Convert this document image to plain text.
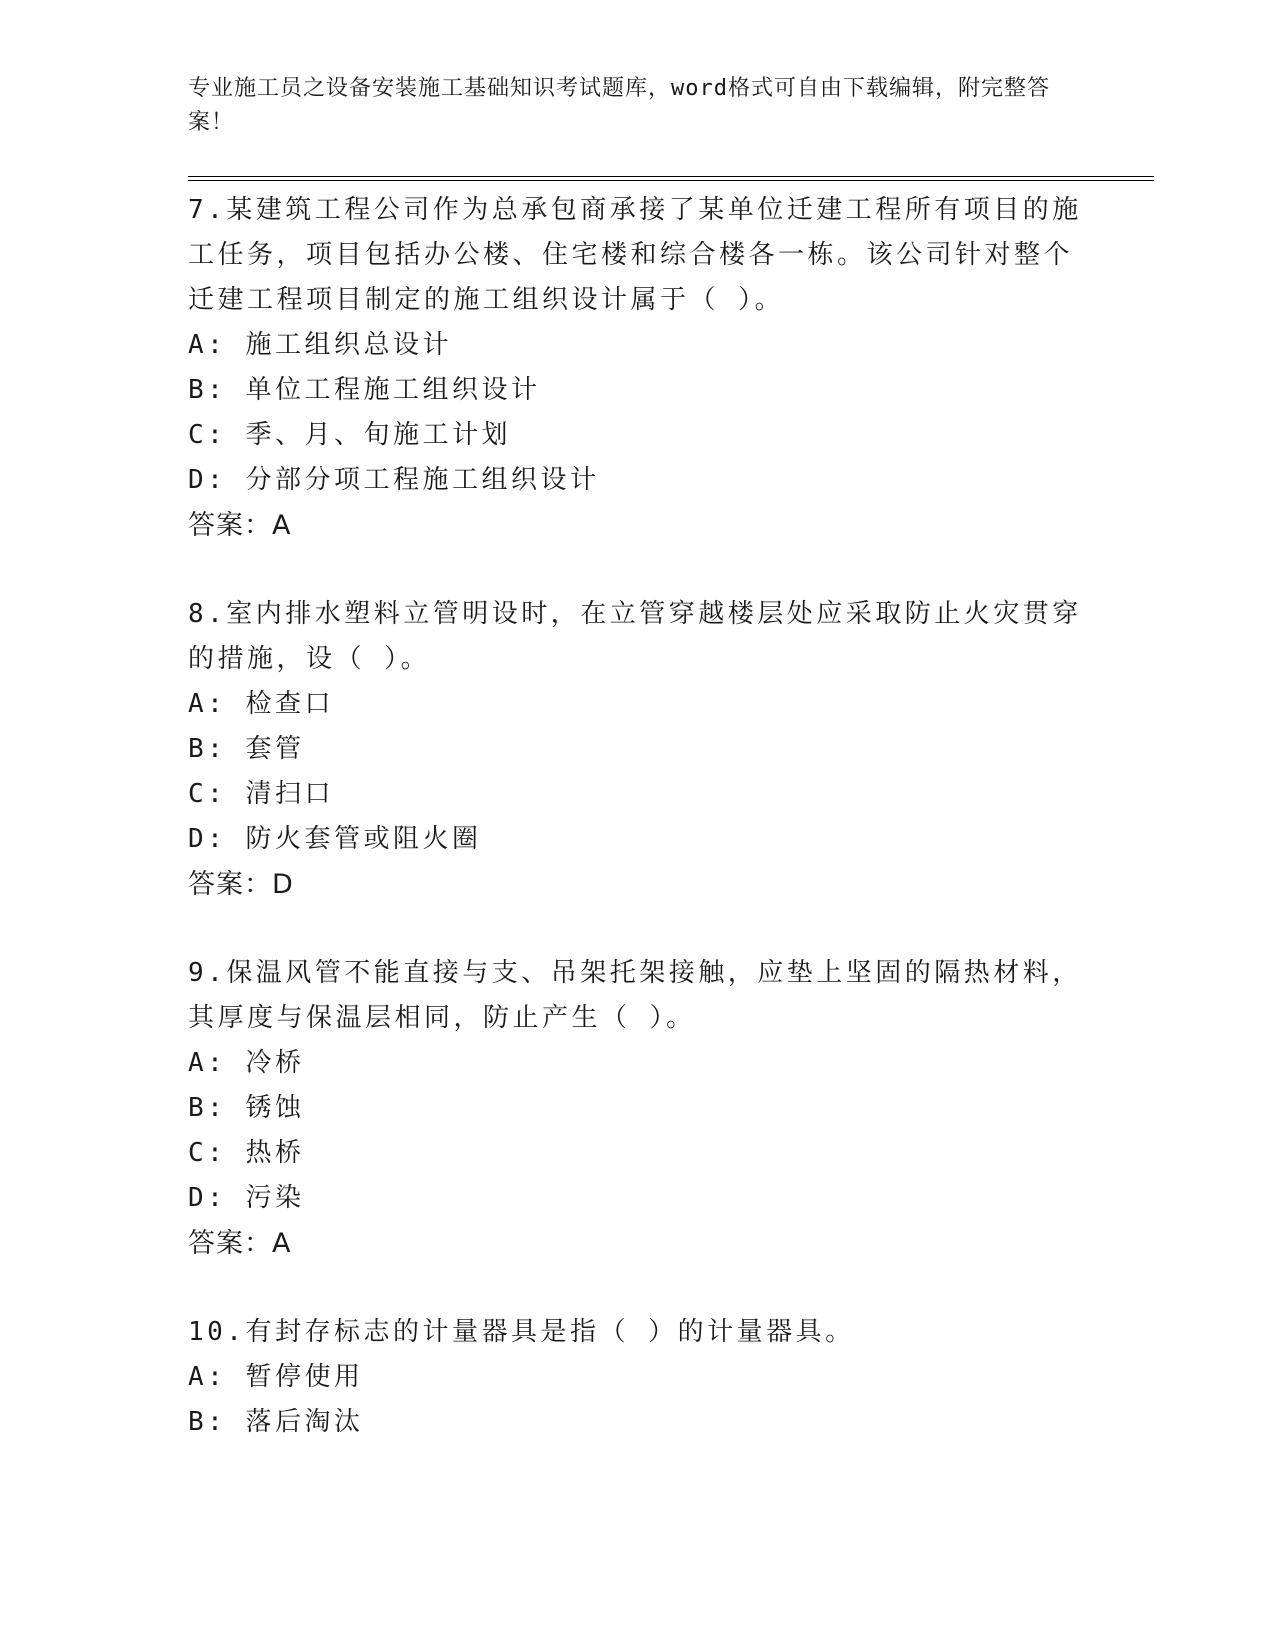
专业施工员之设备安装施工基础知识考试题库，word格式可自由下载编辑，附完整答案！
7.某建筑工程公司作为总承包商承接了某单位迁建工程所有项目的施工任务，项目包括办公楼、住宅楼和综合楼各一栋。该公司针对整个迁建工程项目制定的施工组织设计属于（ ）。
A: 施工组织总设计
B: 单位工程施工组织设计
C: 季、月、旬施工计划
D: 分部分项工程施工组织设计
答案：A
8.室内排水塑料立管明设时，在立管穿越楼层处应采取防止火灾贯穿的措施，设（ ）。
A: 检查口
B: 套管
C: 清扫口
D: 防火套管或阻火圈
答案：D
9.保温风管不能直接与支、吊架托架接触，应垫上坚固的隔热材料，其厚度与保温层相同，防止产生（ ）。
A: 冷桥
B: 锈蚀
C: 热桥
D: 污染
答案：A
10.有封存标志的计量器具是指（ ）的计量器具。
A: 暂停使用
B: 落后淘汰
